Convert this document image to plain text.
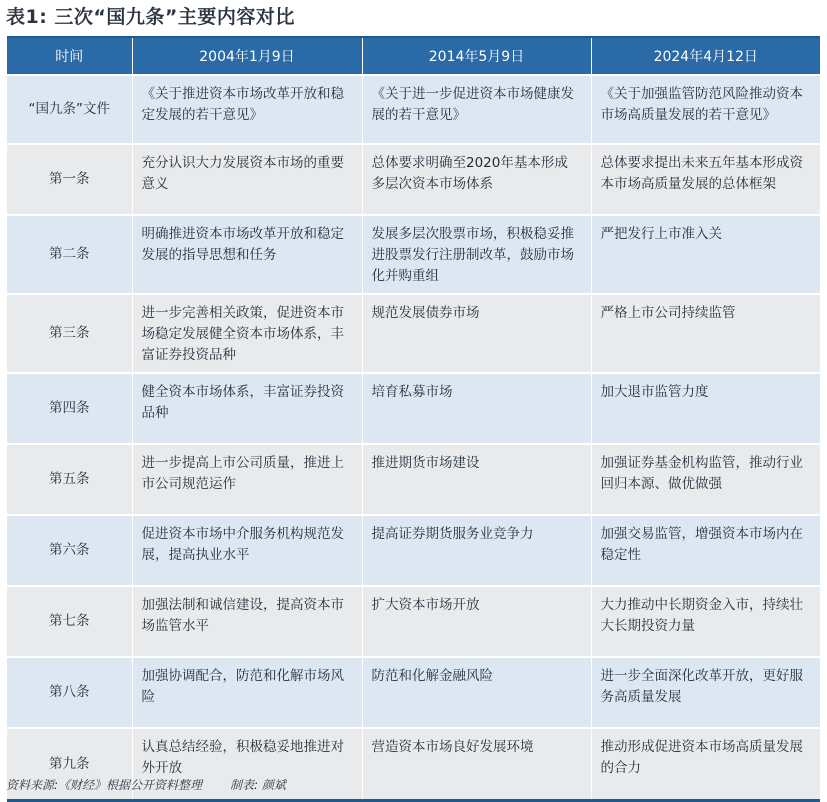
表1: 三次“国九条”主要内容对比
时间	2004年1月9日	2014年5月9日	2024年4月12日
“国九条”文件	《关于推进资本市场改革开放和稳定发展的若干意见》	《关于进一步促进资本市场健康发展的若干意见》	《关于加强监管防范风险推动资本市场高质量发展的若干意见》
第一条	充分认识大力发展资本市场的重要意义	总体要求明确至2020年基本形成多层次资本市场体系	总体要求提出未来五年基本形成资本市场高质量发展的总体框架
第二条	明确推进资本市场改革开放和稳定发展的指导思想和任务	发展多层次股票市场，积极稳妥推进股票发行注册制改革，鼓励市场化并购重组	严把发行上市准入关
第三条	进一步完善相关政策，促进资本市场稳定发展健全资本市场体系，丰富证券投资品种	规范发展债券市场	严格上市公司持续监管
第四条	健全资本市场体系，丰富证券投资品种	培育私募市场	加大退市监管力度
第五条	进一步提高上市公司质量，推进上市公司规范运作	推进期货市场建设	加强证券基金机构监管，推动行业回归本源、做优做强
第六条	促进资本市场中介服务机构规范发展，提高执业水平	提高证券期货服务业竞争力	加强交易监管，增强资本市场内在稳定性
第七条	加强法制和诚信建设，提高资本市场监管水平	扩大资本市场开放	大力推动中长期资金入市，持续壮大长期投资力量
第八条	加强协调配合，防范和化解市场风险	防范和化解金融风险	进一步全面深化改革开放，更好服务高质量发展
第九条	认真总结经验，积极稳妥地推进对外开放	营造资本市场良好发展环境	推动形成促进资本市场高质量发展的合力
资料来源:《财经》根据公开资料整理 制表: 颜斌
